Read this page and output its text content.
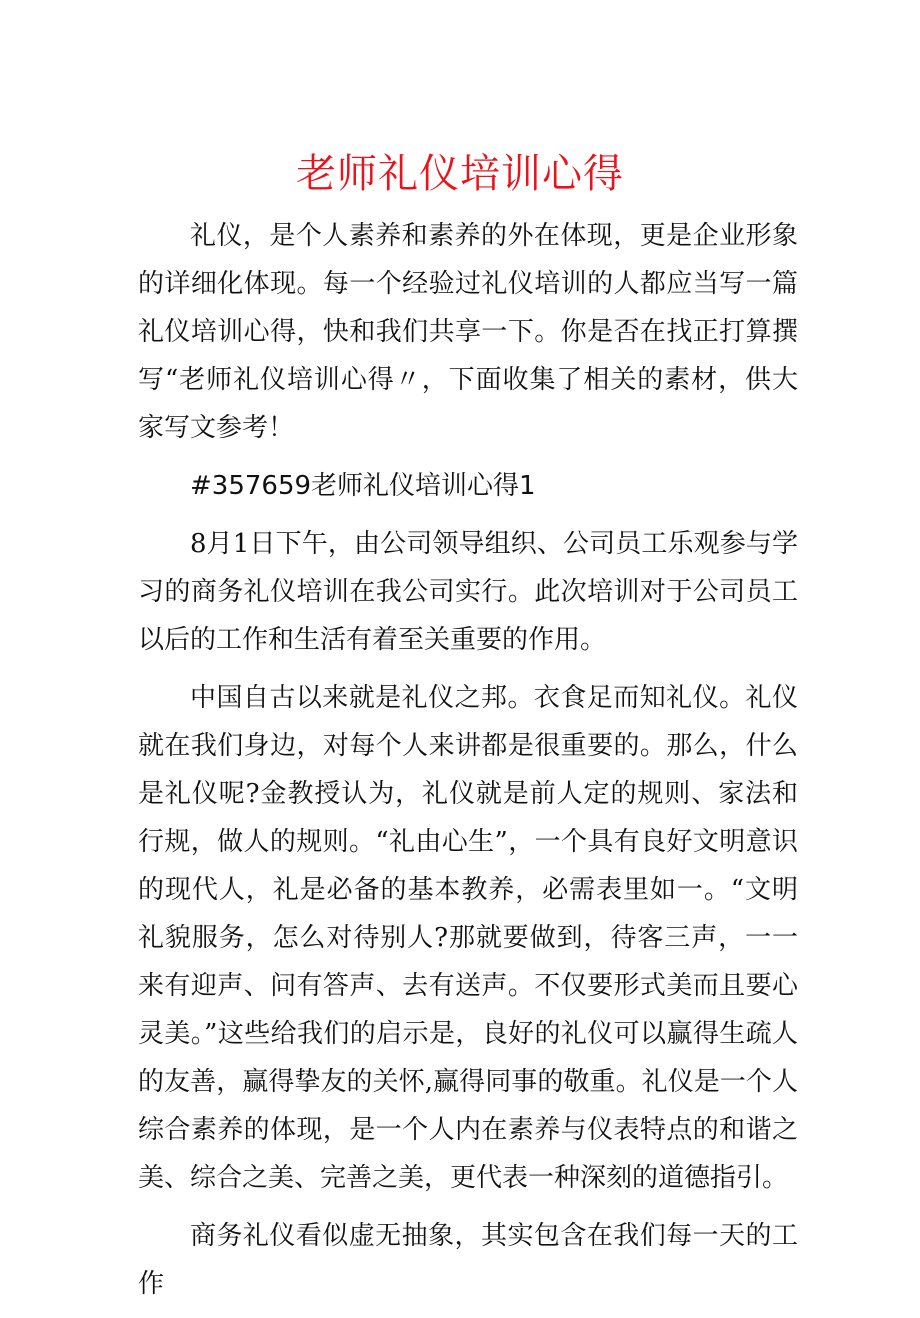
老师礼仪培训心得

礼仪，是个人素养和素养的外在体现，更是企业形象的详细化体现。每一个经验过礼仪培训的人都应当写一篇礼仪培训心得，快和我们共享一下。你是否在找正打算撰写“老师礼仪培训心得〃，下面收集了相关的素材，供大家写文参考！

#357659老师礼仪培训心得1

8月1日下午，由公司领导组织、公司员工乐观参与学习的商务礼仪培训在我公司实行。此次培训对于公司员工以后的工作和生活有着至关重要的作用。

中国自古以来就是礼仪之邦。衣食足而知礼仪。礼仪就在我们身边，对每个人来讲都是很重要的。那么，什么是礼仪呢?金教授认为，礼仪就是前人定的规则、家法和行规，做人的规则。“礼由心生”，一个具有良好文明意识的现代人，礼是必备的基本教养，必需表里如一。“文明礼貌服务，怎么对待别人?那就要做到，待客三声，一一来有迎声、问有答声、去有送声。不仅要形式美而且要心灵美。”这些给我们的启示是，良好的礼仪可以赢得生疏人的友善，赢得挚友的关怀,赢得同事的敬重。礼仪是一个人综合素养的体现，是一个人内在素养与仪表特点的和谐之美、综合之美、完善之美，更代表一种深刻的道德指引。

商务礼仪看似虚无抽象，其实包含在我们每一天的工作
